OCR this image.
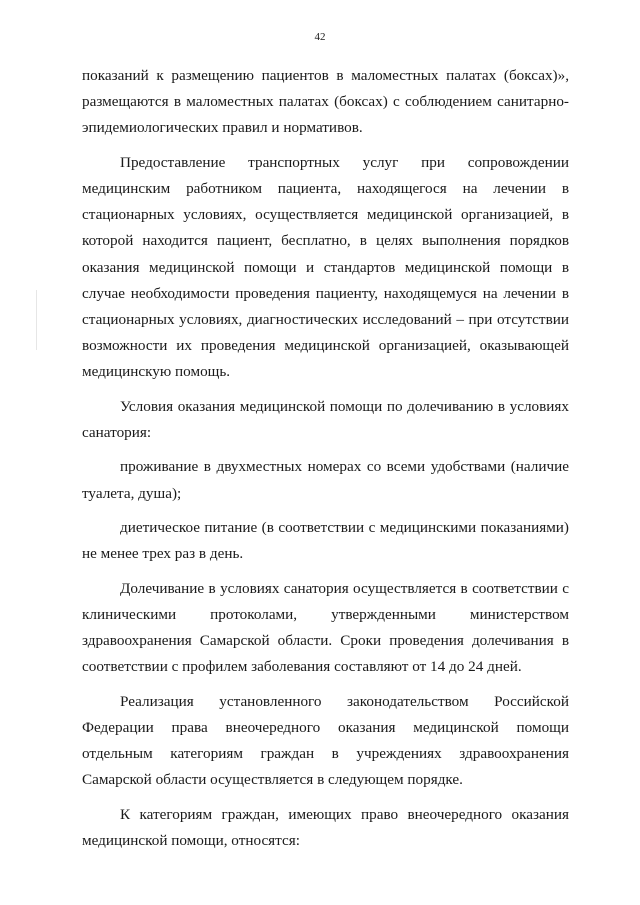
42

показаний к размещению пациентов в маломестных палатах (боксах)», размещаются в маломестных палатах (боксах) с соблюдением санитарно-эпидемиологических правил и нормативов.

Предоставление транспортных услуг при сопровождении медицинским работником пациента, находящегося на лечении в стационарных условиях, осуществляется медицинской организацией, в которой находится пациент, бесплатно, в целях выполнения порядков оказания медицинской помощи и стандартов медицинской помощи в случае необходимости проведения пациенту, находящемуся на лечении в стационарных условиях, диагностических исследований – при отсутствии возможности их проведения медицинской организацией, оказывающей медицинскую помощь.

Условия оказания медицинской помощи по долечиванию в условиях санатория:

проживание в двухместных номерах со всеми удобствами (наличие туалета, душа);

диетическое питание (в соответствии с медицинскими показаниями) не менее трех раз в день.

Долечивание в условиях санатория осуществляется в соответствии с клиническими протоколами, утвержденными министерством здравоохранения Самарской области. Сроки проведения долечивания в соответствии с профилем заболевания составляют от 14 до 24 дней.

Реализация установленного законодательством Российской Федерации права внеочередного оказания медицинской помощи отдельным категориям граждан в учреждениях здравоохранения Самарской области осуществляется в следующем порядке.

К категориям граждан, имеющих право внеочередного оказания медицинской помощи, относятся:
